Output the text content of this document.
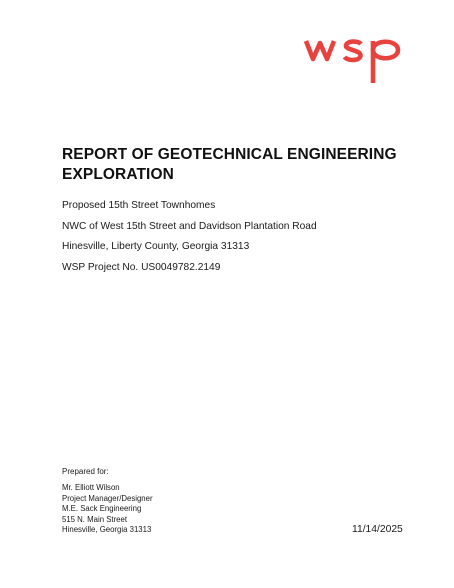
REPORT OF GEOTECHNICAL ENGINEERING
EXPLORATION
Proposed 15th Street Townhomes
NWC of West 15th Street and Davidson Plantation Road
Hinesville, Liberty County, Georgia 31313
WSP Project No. US0049782.2149
Prepared for:
Mr. Elliott Wilson
Project Manager/Designer
M.E. Sack Engineering
515 N. Main Street
Hinesville, Georgia 31313	11/14/2025
